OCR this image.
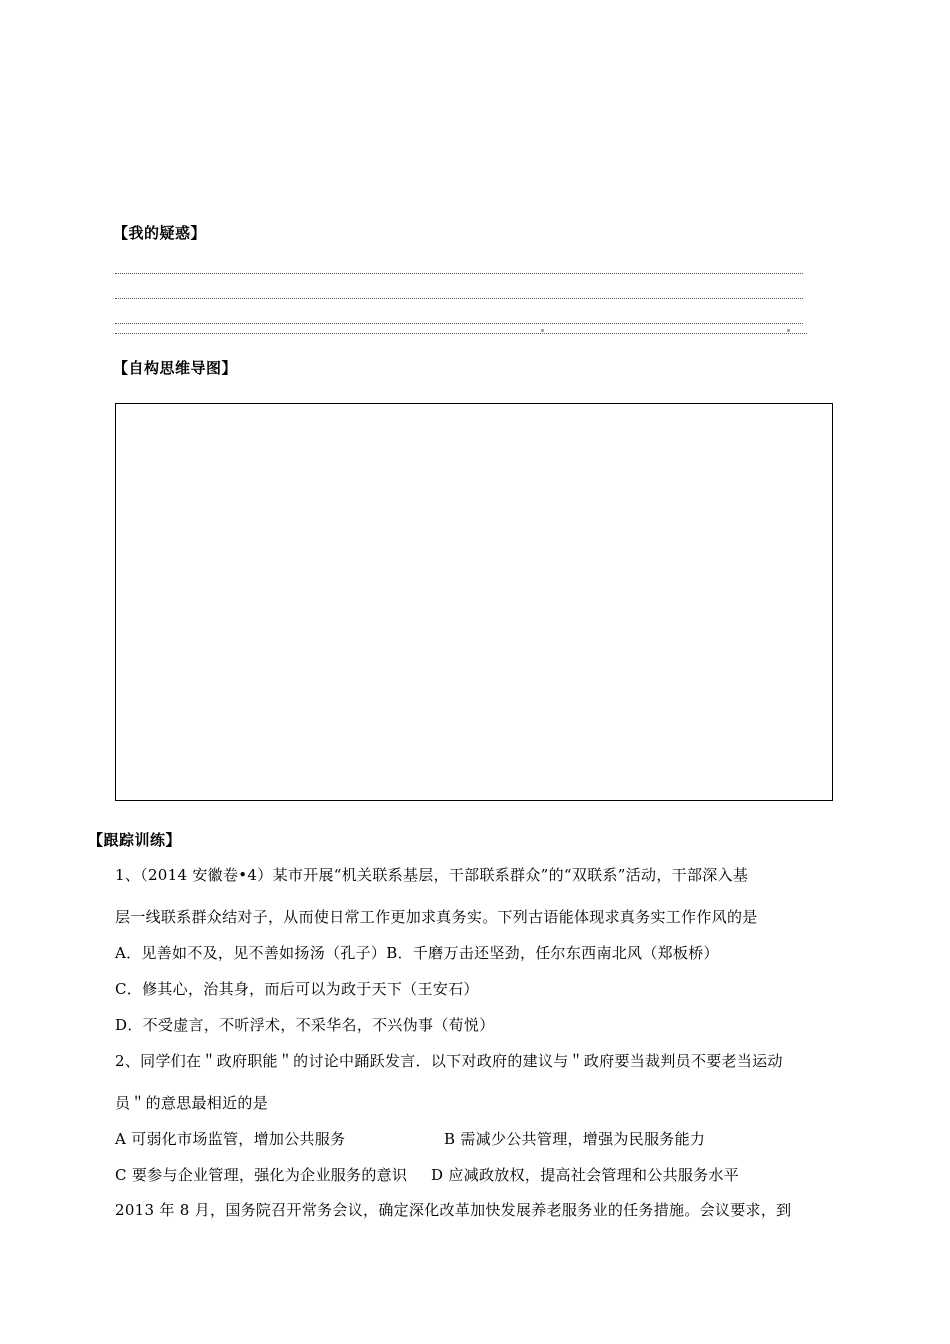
【我的疑惑】
【自构思维导图】
【跟踪训练】
1、（2014 安徽卷•4）某市开展“机关联系基层，干部联系群众”的“双联系”活动，干部深入基
层一线联系群众结对子，从而使日常工作更加求真务实。下列古语能体现求真务实工作作风的是
A．见善如不及，见不善如扬汤（孔子）B．千磨万击还坚劲，任尔东西南北风（郑板桥）
C．修其心，治其身，而后可以为政于天下（王安石）
D．不受虚言，不听浮术，不采华名，不兴伪事（荀悦）
2、同学们在＂政府职能＂的讨论中踊跃发言．以下对政府的建议与＂政府要当裁判员不要老当运动
员＂的意思最相近的是
A 可弱化市场监管，增加公共服务	B 需减少公共管理，增强为民服务能力
C 要参与企业管理，强化为企业服务的意识 D 应减政放权，提高社会管理和公共服务水平
2013 年 8 月，国务院召开常务会议，确定深化改革加快发展养老服务业的任务措施。会议要求，到
